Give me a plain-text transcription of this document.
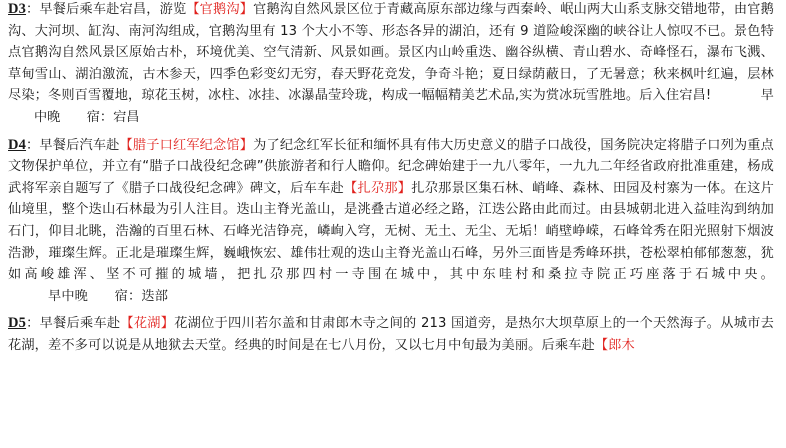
D3：早餐后乘车赴宕昌，游览【官鹅沟】官鹅沟自然风景区位于青藏高原东部边缘与西秦岭、岷山两大山系支脉交错地带，由官鹅沟、大河坝、缸沟、南河沟组成，官鹅沟里有 13 个大小不等、形态各异的湖泊，还有 9 道险峻深幽的峡谷让人惊叹不已。景色特点官鹅沟自然风景区原始古朴，环境优美、空气清新、风景如画。景区内山岭重迭、幽谷纵横、青山碧水、奇峰怪石，瀑布飞溅、草甸雪山、湖泊激流，古木参天，四季色彩变幻无穷，春天野花竞发，争奇斗艳；夏日绿荫蔽日，了无暑意；秋来枫叶红遍，层林尽染；冬则百雪覆地，琼花玉树，冰柱、冰挂、冰瀑晶莹玲珑，构成一幅幅精美艺术品,实为赏冰玩雪胜地。后入住宕昌!	早
中晚　　宿：宕昌
D4：早餐后汽车赴【腊子口红军纪念馆】为了纪念红军长征和缅怀具有伟大历史意义的腊子口战役，国务院决定将腊子口列为重点文物保护单位，并立有“腊子口战役纪念碑”供旅游者和行人瞻仰。纪念碑始建于一九八零年，一九九二年经省政府批准重建，杨成武将军亲自题写了《腊子口战役纪念碑》碑文，后车车赴【扎尕那】扎尕那景区集石林、峭峰、森林、田园及村寨为一体。在这片仙境里，整个迭山石林最为引人注目。迭山主脊光盖山，是洮叠古道必经之路，江迭公路由此而过。由县城朝北进入益哇沟到纳加石门，仰目北眺，浩瀚的百里石林、石峰光洁铮亮，嶙峋入穹，无树、无土、无尘、无垢！峭壁峥嵘，石峰耸秀在阳光照射下烟波浩渺，璀璨生辉。正北是璀璨生辉，巍峨恢宏、雄伟壮观的迭山主脊光盖山石峰，另外三面皆是秀峰环拱，苍松翠柏郁郁葱葱，犹如高峻雄浑、坚不可摧的城墙，把扎尕那四村一寺围在城中，其中东哇村和桑拉寺院正巧座落于石城中央。早中晚　　宿：迭部
D5：早餐后乘车赴【花湖】花湖位于四川若尔盖和甘肃郎木寺之间的 213 国道旁，是热尔大坝草原上的一个天然海子。从城市去花湖，差不多可以说是从地狱去天堂。经典的时间是在七八月份，又以七月中旬最为美丽。后乘车赴【郎木
